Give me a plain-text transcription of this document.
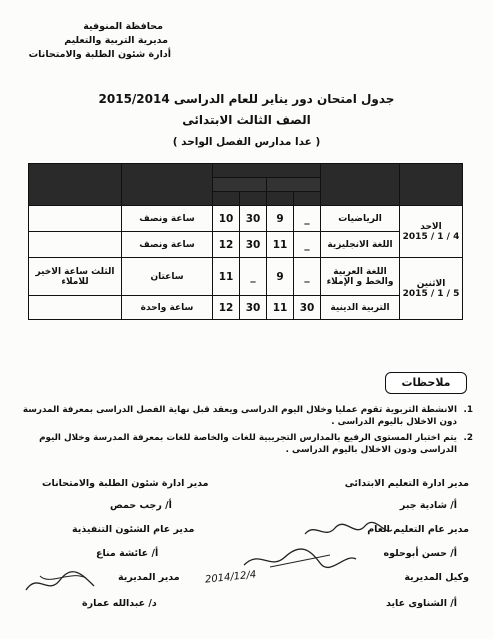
محافظة المنوفية
مديرية التربية والتعليم
أدارة شئون الطلبة والامتحانات
جدول امتحان دور يناير للعام الدراسى 2015/2014
الصف الثالث الابتدائى
( عدا مدارس الفصل الواحد )

الاحد
2015 / 1 / 4	الرياضيات	_	9	30	10	ساعة ونصف	
	اللغة الانجليزية	_	11	30	12	ساعة ونصف	

الاثنين
2015 / 1 / 5	اللغة العربية والخط و الإملاء	_	9	_	11	ساعتان	الثلث ساعة الاخير للاملاء
	التربية الدينية	30	11	30	12	ساعة واحدة	
ملاحظات
1.
الانشطة التربوية تقوم عمليا وخلال اليوم الدراسى ويعقد قبل نهاية الفصل الدراسى بمعرفة المدرسة دون الاخلال باليوم الدراسى .
2.
يتم اختبار المستوى الرفيع بالمدارس التجريبية للغات والخاصة للغات بمعرفة المدرسة وخلال اليوم الدراسى ودون الاخلال باليوم الدراسى .
مدير ادارة التعليم الابتدائى
أ/ شادية جبر
مدير عام التعليم العام
أ/ حسن أبوحلوه
وكيل المديرية
أ/ الشناوى عايد
مدير ادارة شئون الطلبة والامتحانات
أ/ رجب حمص
مدير عام الشئون التنفيذية
أ/ عائشة مناع
مدير المديرية
د/ عبدالله عمارة
2014/12/4
